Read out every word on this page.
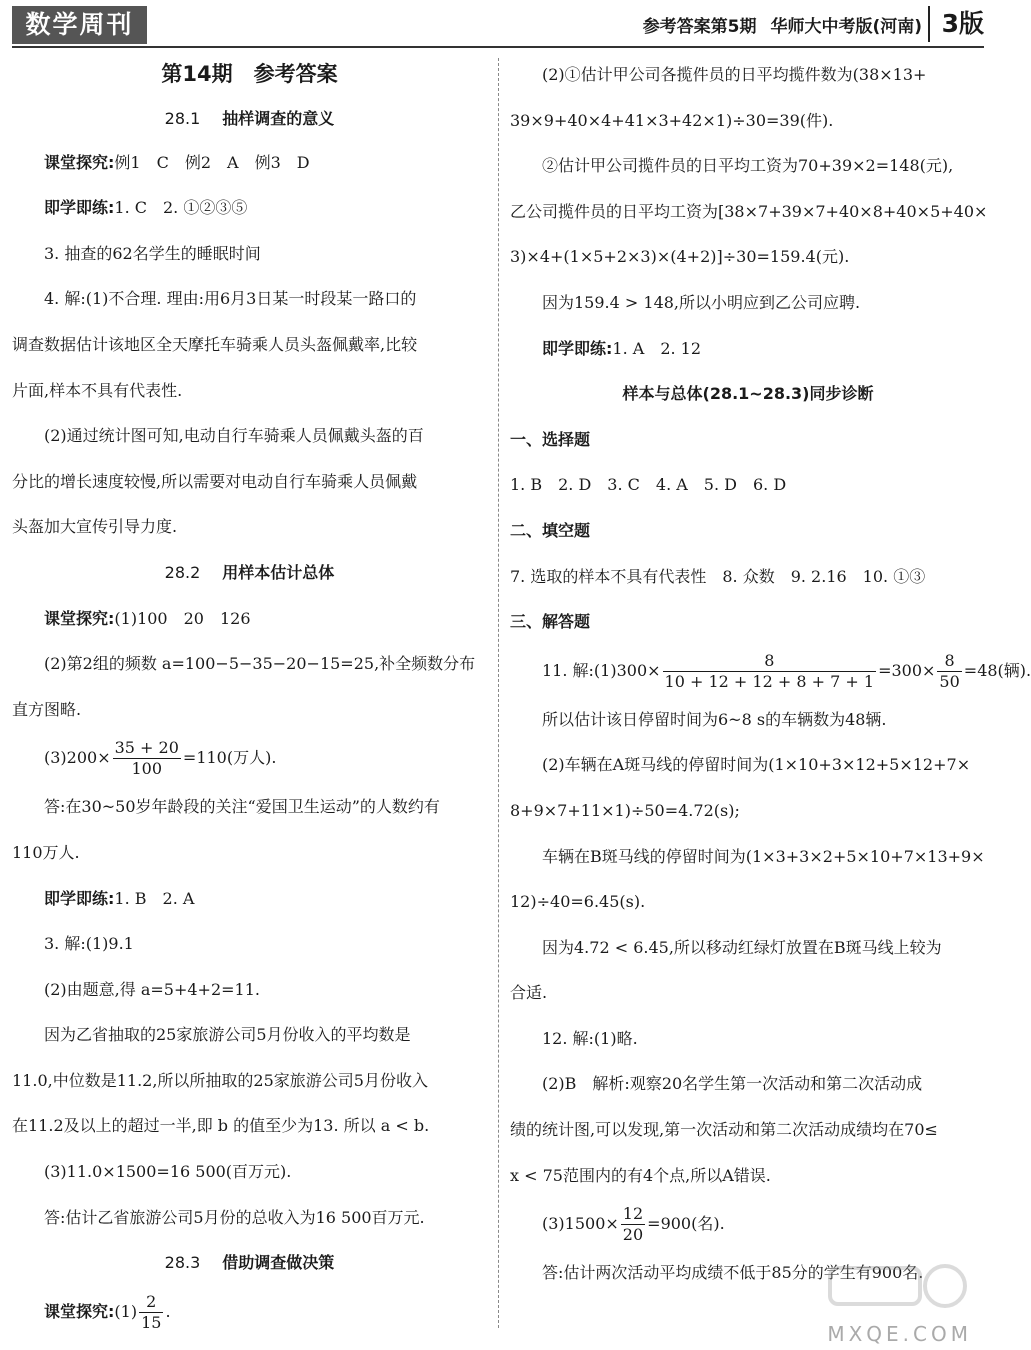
数学周刊	参考答案第5期 华师大中考版(河南) 3版
第14期　参考答案
28.1 抽样调查的意义
课堂探究:例1　C　例2　A　例3　D
即学即练:1. C　2. ①②③⑤
3. 抽查的62名学生的睡眠时间
4. 解:(1)不合理. 理由:用6月3日某一时段某一路口的
调查数据估计该地区全天摩托车骑乘人员头盔佩戴率,比较
片面,样本不具有代表性.
(2)通过统计图可知,电动自行车骑乘人员佩戴头盔的百
分比的增长速度较慢,所以需要对电动自行车骑乘人员佩戴
头盔加大宣传引导力度.
28.2 用样本估计总体
课堂探究:(1)100　20　126
(2)第2组的频数 a=100−5−35−20−15=25,补全频数分布
直方图略.
$(3)200\times \frac{35 + 20}{100} =110$(万人).
答:在30~50岁年龄段的关注“爱国卫生运动”的人数约有
110万人.
即学即练:1. B　2. A
3. 解:(1)9.1
(2)由题意,得 a=5+4+2=11.
因为乙省抽取的25家旅游公司5月份收入的平均数是
11.0,中位数是11.2,所以所抽取的25家旅游公司5月份收入
在11.2及以上的超过一半,即 b 的值至少为13. 所以 a < b.
(3)11.0×1500=16 500(百万元).
答:估计乙省旅游公司5月份的总收入为16 500百万元.
28.3 借助调查做决策
课堂探究:(1) $\frac{2}{15}$ .
(2)①估计甲公司各揽件员的日平均揽件数为(38×13+
39×9+40×4+41×3+42×1)÷30=39(件).
②估计甲公司揽件员的日平均工资为70+39×2=148(元),
乙公司揽件员的日平均工资为[38×7+39×7+40×8+40×5+40×
3)×4+(1×5+2×3)×(4+2)]÷30=159.4(元).
因为159.4 > 148,所以小明应到乙公司应聘.
即学即练:1. A　2. 12
样本与总体(28.1~28.3)同步诊断
一、选择题
1. B　2. D　3. C　4. A　5. D　6. D
二、填空题
7. 选取的样本不具有代表性　8. 众数　9. 2.16　10. ①③
三、解答题
11. 解:(1)300× $\frac{8}{10 + 12 + 12 + 8 + 7 + 1} =300\times \frac{8}{50} =48$(辆).
所以估计该日停留时间为6~8 s的车辆数为48辆.
(2)车辆在A斑马线的停留时间为(1×10+3×12+5×12+7×
8+9×7+11×1)÷50=4.72(s);
车辆在B斑马线的停留时间为(1×3+3×2+5×10+7×13+9×
12)÷40=6.45(s).
因为4.72 < 6.45,所以移动红绿灯放置在B斑马线上较为
合适.
12. 解:(1)略.
(2)B　解析:观察20名学生第一次活动和第二次活动成
绩的统计图,可以发现,第一次活动和第二次活动成绩均在70≤
x < 75范围内的有4个点,所以A错误.
$(3)1500\times \frac{12}{20} =900$(名).
答:估计两次活动平均成绩不低于85分的学生有900名.
MXQE.COM
